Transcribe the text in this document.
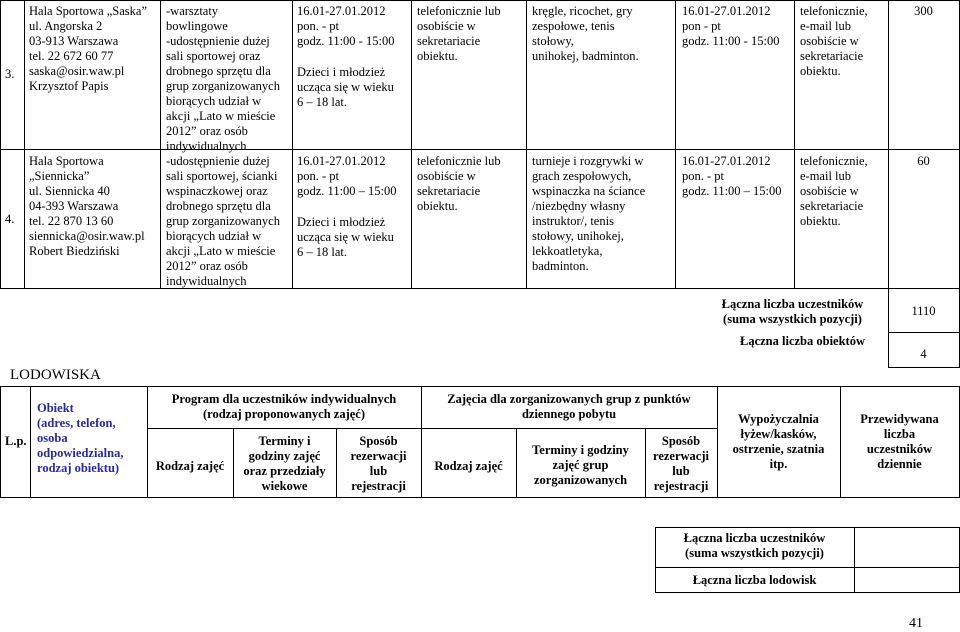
3.
Hala Sportowa „Saska”
ul. Angorska 2
03-913 Warszawa
tel. 22 672 60 77
saska@osir.waw.pl
Krzysztof Papis
-warsztaty
bowlingowe
-udostępnienie dużej
sali sportowej oraz
drobnego sprzętu dla
grup zorganizowanych
biorących udział w
akcji „Lato w mieście
2012” oraz osób
indywidualnych
-udostępnienie dużej
sali sportowej, ścianki
wspinaczkowej oraz
drobnego sprzętu dla
grup zorganizowanych
biorących udział w
akcji „Lato w mieście
2012” oraz osób
indywidualnych
16.01-27.01.2012
pon. - pt
godz. 11:00 - 15:00
Dzieci i młodzież
ucząca się w wieku
6 – 18 lat.
telefonicznie lub
osobiście w
sekretariacie
obiektu.
kręgle, ricochet, gry
zespołowe, tenis
stołowy,
unihokej, badminton.
16.01-27.01.2012
pon - pt
godz. 11:00 - 15:00
telefonicznie,
e-mail lub
osobiście w
sekretariacie
obiektu.
300
4.
Hala Sportowa
„Siennicka”
ul. Siennicka 40
04-393 Warszawa
tel. 22 870 13 60
siennicka@osir.waw.pl
Robert Biedziński
16.01-27.01.2012
pon. - pt
godz. 11:00 – 15:00
Dzieci i młodzież
ucząca się w wieku
6 – 18 lat.
telefonicznie lub
osobiście w
sekretariacie
obiektu.
turnieje i rozgrywki w
grach zespołowych,
wspinaczka na ściance
/niezbędny własny
instruktor/, tenis
stołowy, unihokej,
lekkoatletyka,
badminton.
16.01-27.01.2012
pon. - pt
godz. 11:00 – 15:00
telefonicznie,
e-mail lub
osobiście w
sekretariacie
obiektu.
60
Łączna liczba uczestników
(suma wszystkich pozycji)
1110
Łączna liczba obiektów
4
LODOWISKA
L.p.
Obiekt
(adres, telefon,
osoba
odpowiedzialna,
rodzaj obiektu)
Program dla uczestników indywidualnych
(rodzaj proponowanych zajęć)
Rodzaj zajęć
Terminy i
godziny zajęć
oraz przedziały
wiekowe
Sposób
rezerwacji
lub
rejestracji
Zajęcia dla zorganizowanych grup z punktów
dziennego pobytu
Rodzaj zajęć
Terminy i godziny
zajęć grup
zorganizowanych
Sposób
rezerwacji
lub
rejestracji
Wypożyczalnia
łyżew/kasków,
ostrzenie, szatnia
itp.
Przewidywana
liczba
uczestników
dziennie
Łączna liczba uczestników
(suma wszystkich pozycji)
Łączna liczba lodowisk
41
